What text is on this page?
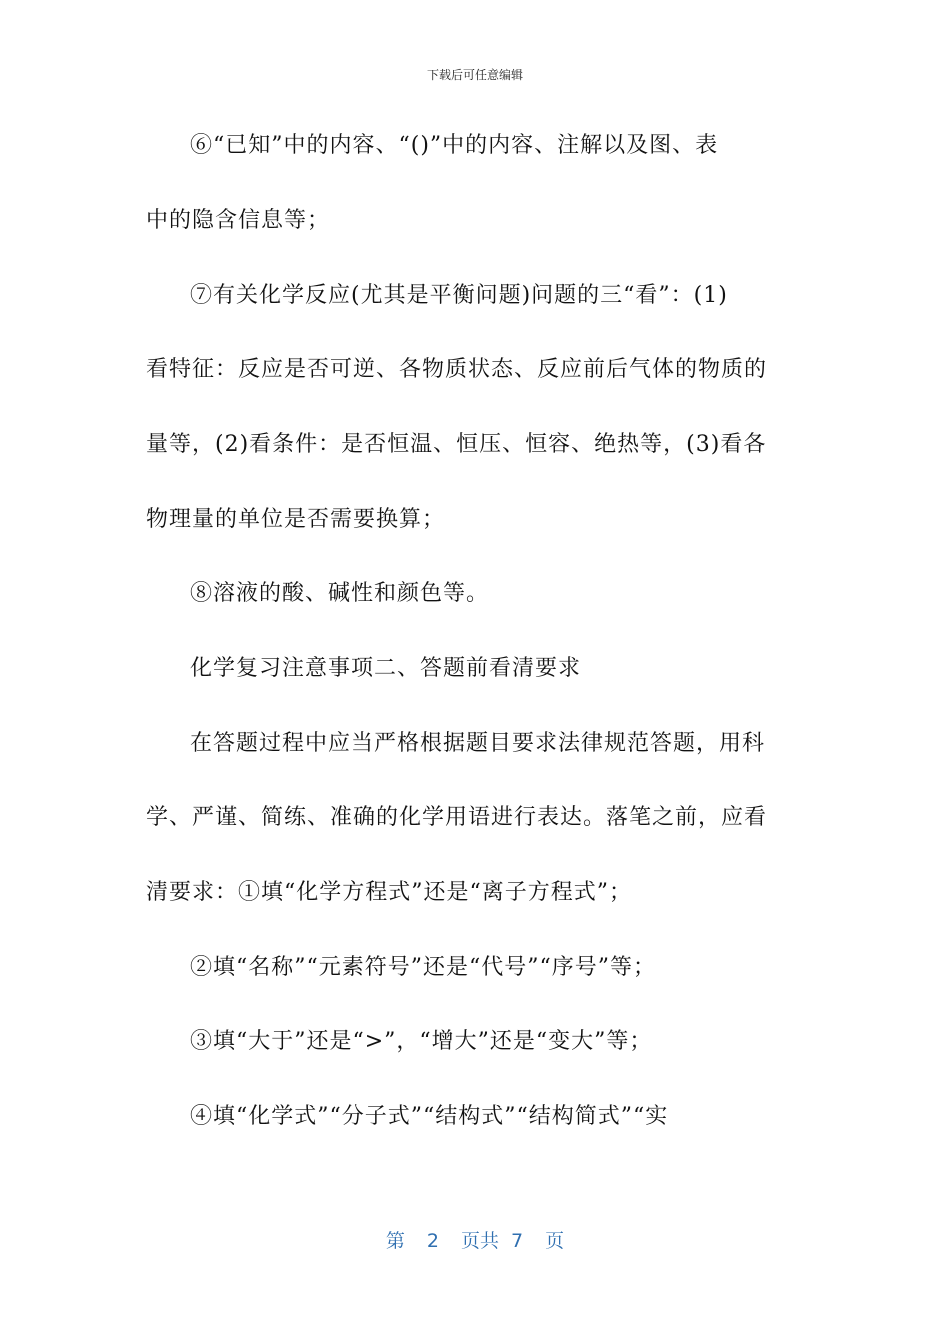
下载后可任意编辑
⑥“已知”中的内容、“()”中的内容、注解以及图、表
中的隐含信息等；
⑦有关化学反应(尤其是平衡问题)问题的三“看”：(1)
看特征：反应是否可逆、各物质状态、反应前后气体的物质的
量等，(2)看条件：是否恒温、恒压、恒容、绝热等，(3)看各
物理量的单位是否需要换算；
⑧溶液的酸、碱性和颜色等。
化学复习注意事项二、答题前看清要求
在答题过程中应当严格根据题目要求法律规范答题，用科
学、严谨、简练、准确的化学用语进行表达。落笔之前，应看
清要求：①填“化学方程式”还是“离子方程式”；
②填“名称”“元素符号”还是“代号”“序号”等；
③填“大于”还是“>”，“增大”还是“变大”等；
④填“化学式”“分子式”“结构式”“结构简式”“实
第 2 页共 7 页
